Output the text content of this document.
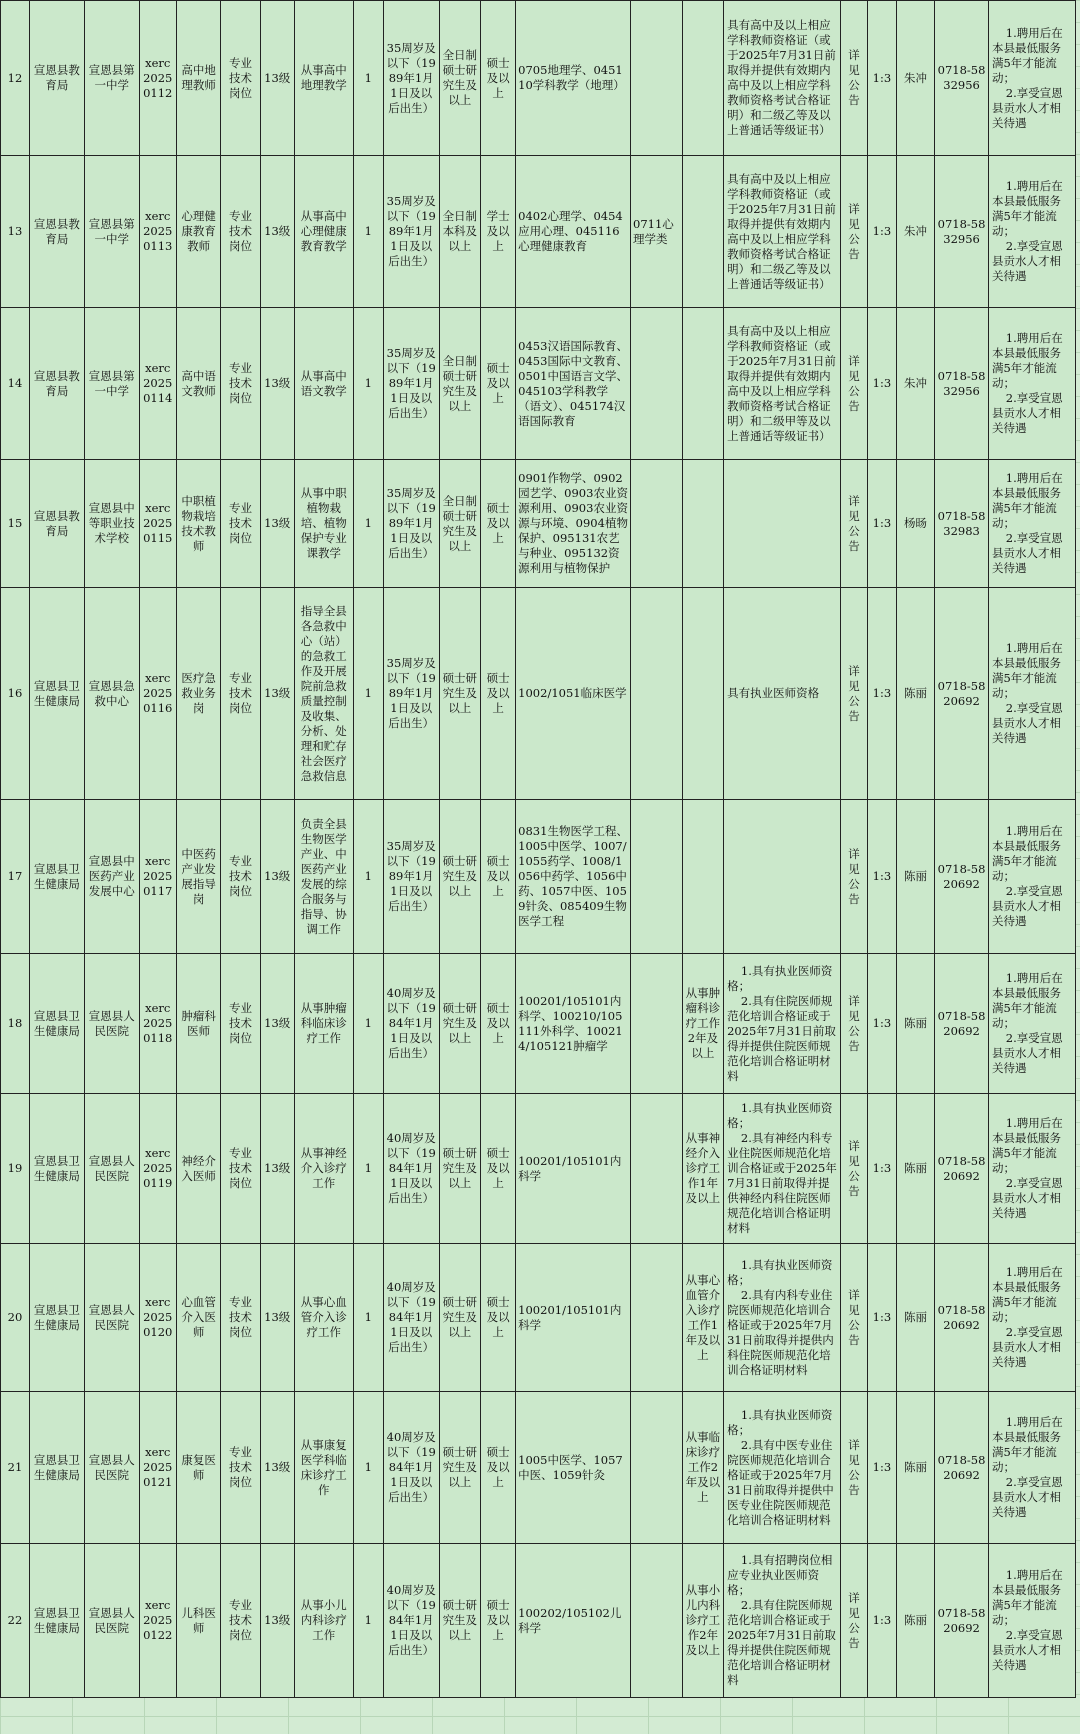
12	宣恩县教育局	宣恩县第一中学	xerc20250112	高中地理教师	专业技术岗位	13级	从事高中地理教学	1	35周岁及以下（1989年1月1日及以后出生）	全日制硕士研究生及以上	硕士及以上	0705地理学、045110学科教学（地理）			具有高中及以上相应学科教师资格证（或于2025年7月31日前取得并提供有效期内高中及以上相应学科教师资格考试合格证明）和二级乙等及以上普通话等级证书）	详见公告	1:3	朱冲	0718-5832956	1.聘用后在本县最低服务满5年才能流动；
2.享受宣恩县贡水人才相关待遇

13	宣恩县教育局	宣恩县第一中学	xerc20250113	心理健康教育教师	专业技术岗位	13级	从事高中心理健康教育教学	1	35周岁及以下（1989年1月1日及以后出生）	全日制本科及以上	学士及以上	0402心理学、0454应用心理、045116心理健康教育	0711心理学类		具有高中及以上相应学科教师资格证（或于2025年7月31日前取得并提供有效期内高中及以上相应学科教师资格考试合格证明）和二级乙等及以上普通话等级证书）	详见公告	1:3	朱冲	0718-5832956	1.聘用后在本县最低服务满5年才能流动；
2.享受宣恩县贡水人才相关待遇

14	宣恩县教育局	宣恩县第一中学	xerc20250114	高中语文教师	专业技术岗位	13级	从事高中语文教学	1	35周岁及以下（1989年1月1日及以后出生）	全日制硕士研究生及以上	硕士及以上	0453汉语国际教育、0453国际中文教育、0501中国语言文学、045103学科教学（语文）、045174汉语国际教育			具有高中及以上相应学科教师资格证（或于2025年7月31日前取得并提供有效期内高中及以上相应学科教师资格考试合格证明）和二级甲等及以上普通话等级证书）	详见公告	1:3	朱冲	0718-5832956	1.聘用后在本县最低服务满5年才能流动；
2.享受宣恩县贡水人才相关待遇

15	宣恩县教育局	宣恩县中等职业技术学校	xerc20250115	中职植物栽培技术教师	专业技术岗位	13级	从事中职植物栽培、植物保护专业课教学	1	35周岁及以下（1989年1月1日及以后出生）	全日制硕士研究生及以上	硕士及以上	0901作物学、0902园艺学、0903农业资源利用、0903农业资源与环境、0904植物保护、095131农艺与种业、095132资源利用与植物保护				详见公告	1:3	杨旸	0718-5832983	1.聘用后在本县最低服务满5年才能流动；
2.享受宣恩县贡水人才相关待遇

16	宣恩县卫生健康局	宣恩县急救中心	xerc20250116	医疗急救业务岗	专业技术岗位	13级	指导全县各急救中心（站）的急救工作及开展院前急救质量控制及收集、分析、处理和贮存社会医疗急救信息	1	35周岁及以下（1989年1月1日及以后出生）	硕士研究生及以上	硕士及以上	1002/1051临床医学			具有执业医师资格	详见公告	1:3	陈丽	0718-5820692	1.聘用后在本县最低服务满5年才能流动；
2.享受宣恩县贡水人才相关待遇

17	宣恩县卫生健康局	宣恩县中医药产业发展中心	xerc20250117	中医药产业发展指导岗	专业技术岗位	13级	负责全县生物医学产业、中医药产业发展的综合服务与指导、协调工作	1	35周岁及以下（1989年1月1日及以后出生）	硕士研究生及以上	硕士及以上	0831生物医学工程、1005中医学、1007/1055药学、1008/1056中药学、1056中药、1057中医、1059针灸、085409生物医学工程				详见公告	1:3	陈丽	0718-5820692	1.聘用后在本县最低服务满5年才能流动；
2.享受宣恩县贡水人才相关待遇

18	宣恩县卫生健康局	宣恩县人民医院	xerc20250118	肿瘤科医师	专业技术岗位	13级	从事肿瘤科临床诊疗工作	1	40周岁及以下（1984年1月1日及以后出生）	硕士研究生及以上	硕士及以上	100201/105101内科学、100210/105111外科学、100214/105121肿瘤学		从事肿瘤科诊疗工作2年及以上	1.具有执业医师资格；
2.具有住院医师规范化培训合格证或于2025年7月31日前取得并提供住院医师规范化培训合格证明材料	详见公告	1:3	陈丽	0718-5820692	1.聘用后在本县最低服务满5年才能流动；
2.享受宣恩县贡水人才相关待遇

19	宣恩县卫生健康局	宣恩县人民医院	xerc20250119	神经介入医师	专业技术岗位	13级	从事神经介入诊疗工作	1	40周岁及以下（1984年1月1日及以后出生）	硕士研究生及以上	硕士及以上	100201/105101内科学		从事神经介入诊疗工作1年及以上	1.具有执业医师资格；
2.具有神经内科专业住院医师规范化培训合格证或于2025年7月31日前取得并提供神经内科住院医师规范化培训合格证明材料	详见公告	1:3	陈丽	0718-5820692	1.聘用后在本县最低服务满5年才能流动；
2.享受宣恩县贡水人才相关待遇

20	宣恩县卫生健康局	宣恩县人民医院	xerc20250120	心血管介入医师	专业技术岗位	13级	从事心血管介入诊疗工作	1	40周岁及以下（1984年1月1日及以后出生）	硕士研究生及以上	硕士及以上	100201/105101内科学		从事心血管介入诊疗工作1年及以上	1.具有执业医师资格；
2.具有内科专业住院医师规范化培训合格证或于2025年7月31日前取得并提供内科住院医师规范化培训合格证明材料	详见公告	1:3	陈丽	0718-5820692	1.聘用后在本县最低服务满5年才能流动；
2.享受宣恩县贡水人才相关待遇

21	宣恩县卫生健康局	宣恩县人民医院	xerc20250121	康复医师	专业技术岗位	13级	从事康复医学科临床诊疗工作	1	40周岁及以下（1984年1月1日及以后出生）	硕士研究生及以上	硕士及以上	1005中医学、1057中医、1059针灸		从事临床诊疗工作2年及以上	1.具有执业医师资格；
2.具有中医专业住院医师规范化培训合格证或于2025年7月31日前取得并提供中医专业住院医师规范化培训合格证明材料	详见公告	1:3	陈丽	0718-5820692	1.聘用后在本县最低服务满5年才能流动；
2.享受宣恩县贡水人才相关待遇

22	宣恩县卫生健康局	宣恩县人民医院	xerc20250122	儿科医师	专业技术岗位	13级	从事小儿内科诊疗工作	1	40周岁及以下（1984年1月1日及以后出生）	硕士研究生及以上	硕士及以上	100202/105102儿科学		从事小儿内科诊疗工作2年及以上	1.具有招聘岗位相应专业执业医师资格；
2.具有住院医师规范化培训合格证或于2025年7月31日前取得并提供住院医师规范化培训合格证明材料	详见公告	1:3	陈丽	0718-5820692	1.聘用后在本县最低服务满5年才能流动；
2.享受宣恩县贡水人才相关待遇
